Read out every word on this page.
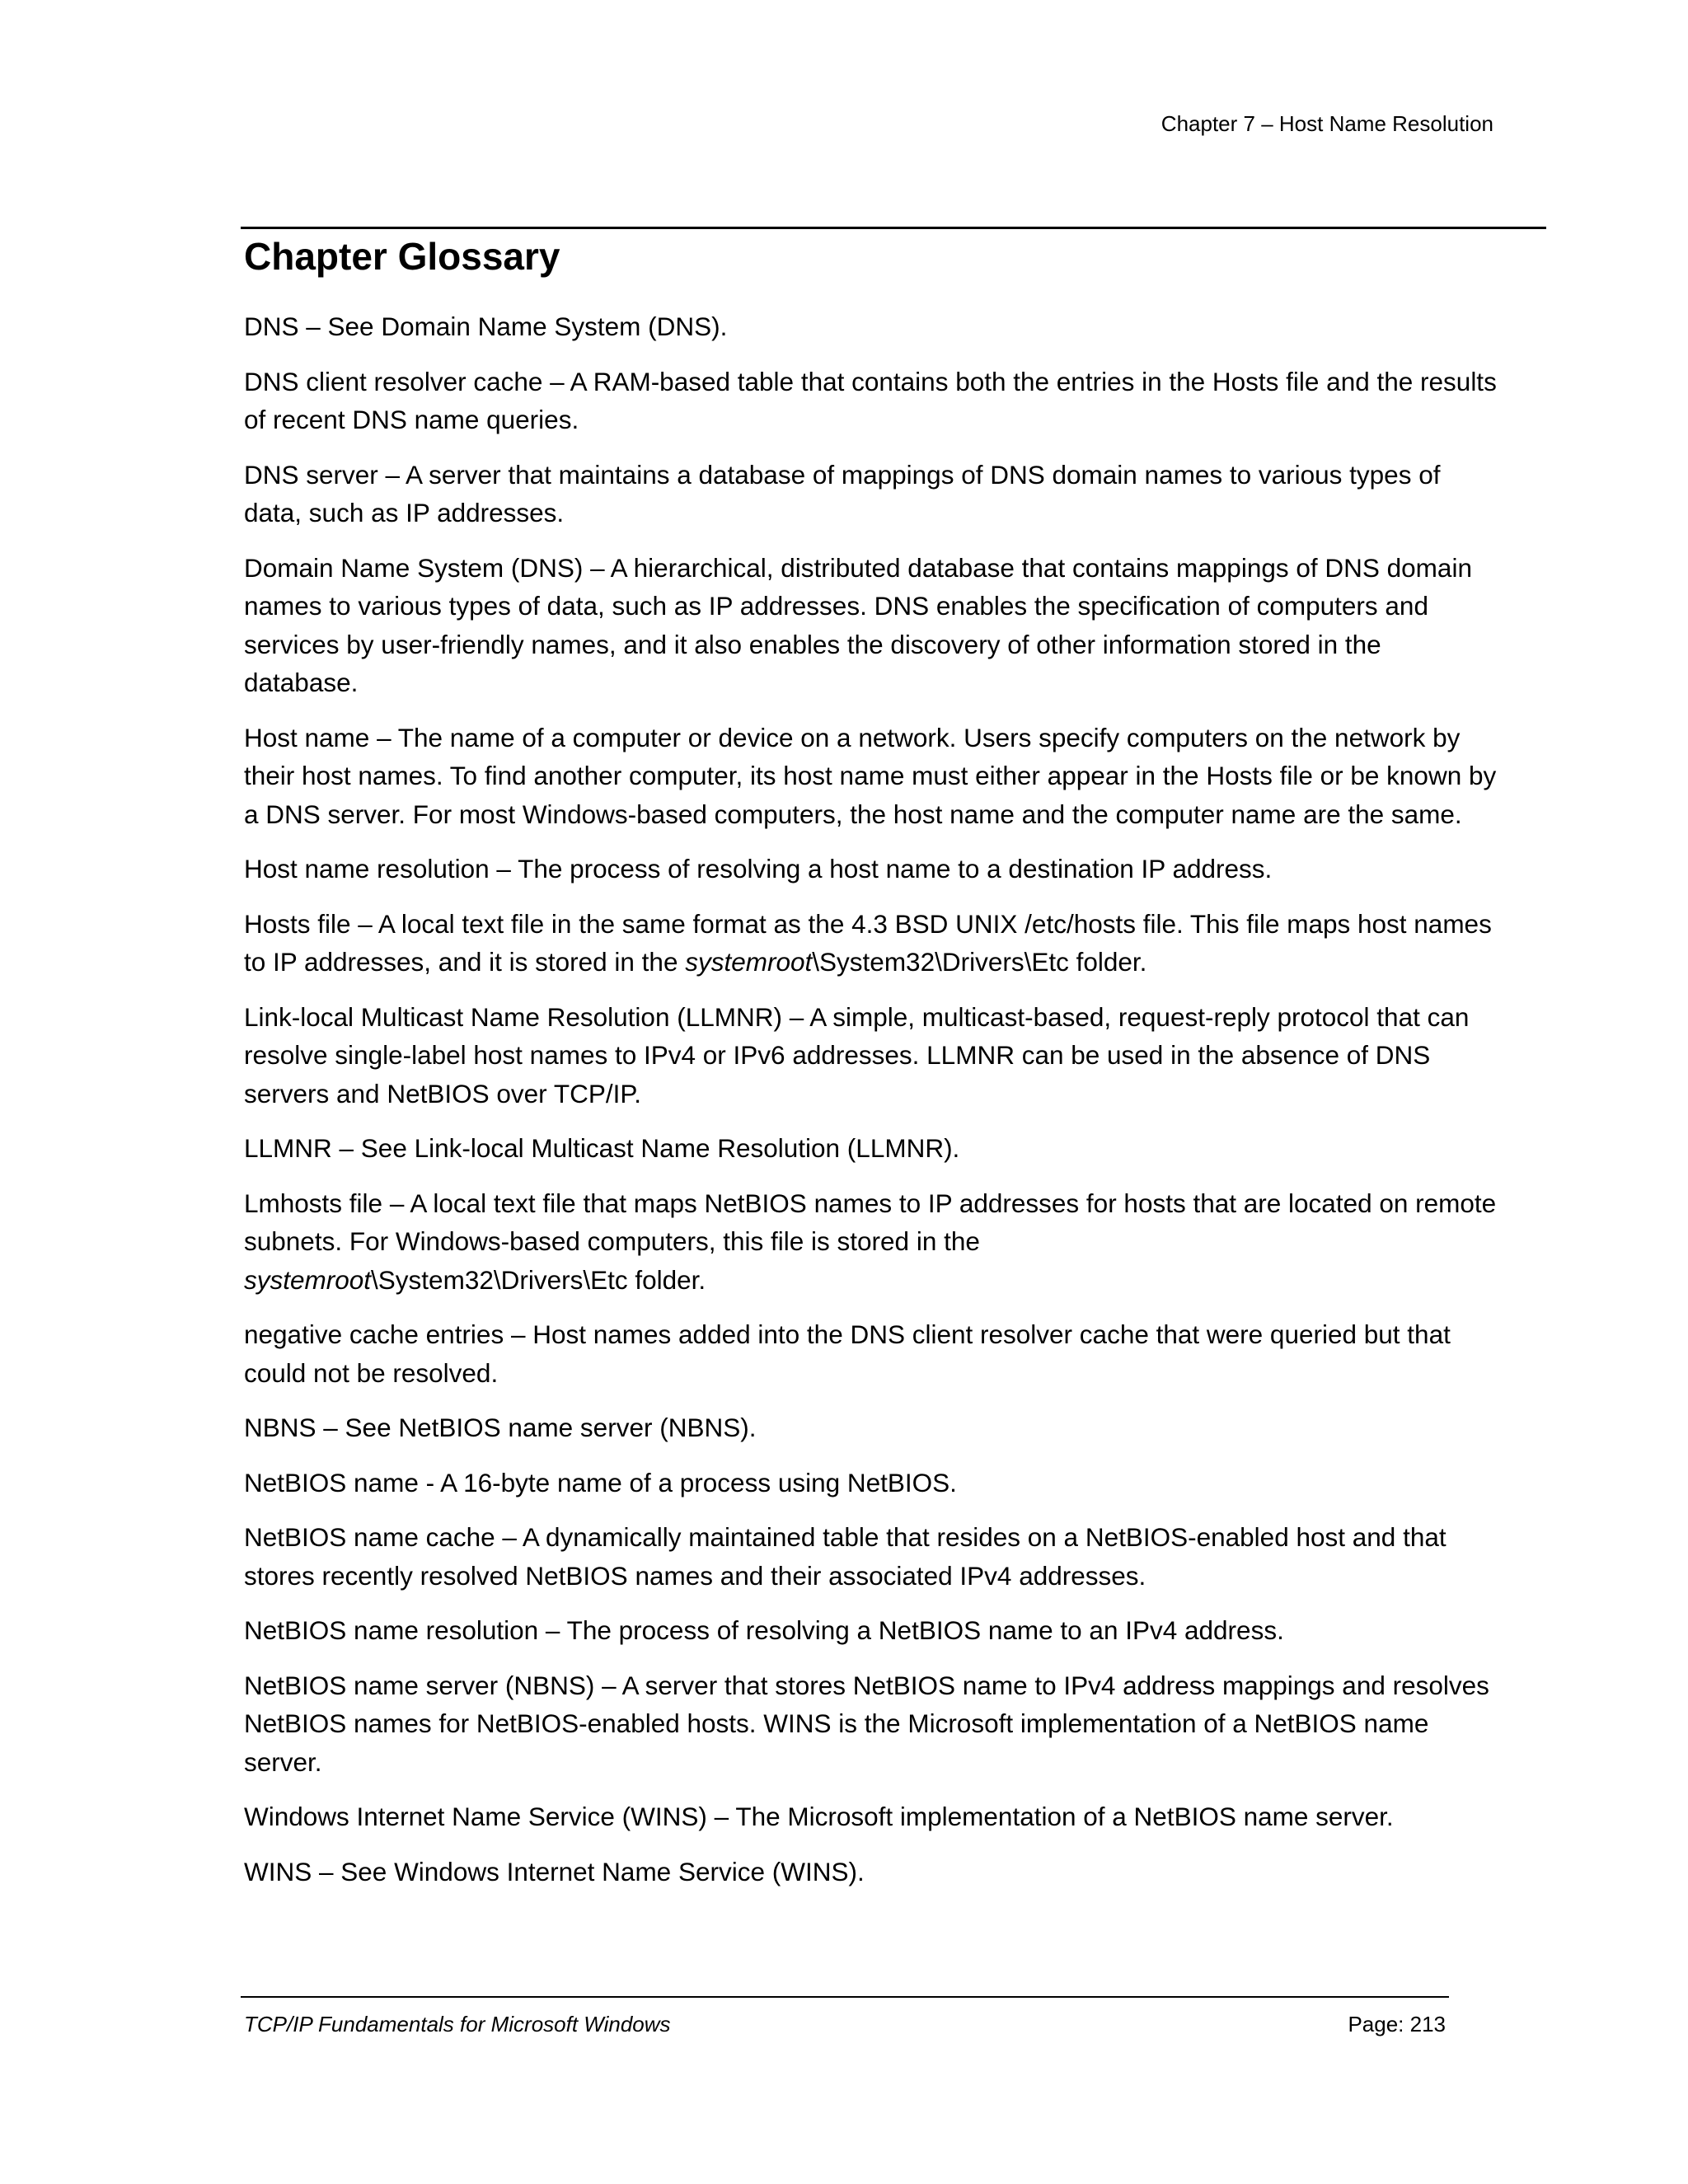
Chapter 7 – Host Name Resolution
Chapter Glossary

DNS – See Domain Name System (DNS).

DNS client resolver cache – A RAM-based table that contains both the entries in the Hosts file and the results of recent DNS name queries.

DNS server – A server that maintains a database of mappings of DNS domain names to various types of data, such as IP addresses.

Domain Name System (DNS) – A hierarchical, distributed database that contains mappings of DNS domain names to various types of data, such as IP addresses. DNS enables the specification of computers and services by user-friendly names, and it also enables the discovery of other information stored in the database.

Host name – The name of a computer or device on a network. Users specify computers on the network by their host names. To find another computer, its host name must either appear in the Hosts file or be known by a DNS server. For most Windows-based computers, the host name and the computer name are the same.

Host name resolution – The process of resolving a host name to a destination IP address.

Hosts file – A local text file in the same format as the 4.3 BSD UNIX /etc/hosts file. This file maps host names to IP addresses, and it is stored in the systemroot\System32\Drivers\Etc folder.

Link-local Multicast Name Resolution (LLMNR) – A simple, multicast-based, request-reply protocol that can resolve single-label host names to IPv4 or IPv6 addresses. LLMNR can be used in the absence of DNS servers and NetBIOS over TCP/IP.

LLMNR – See Link-local Multicast Name Resolution (LLMNR).

Lmhosts file – A local text file that maps NetBIOS names to IP addresses for hosts that are located on remote subnets. For Windows-based computers, this file is stored in the
systemroot\System32\Drivers\Etc folder.

negative cache entries – Host names added into the DNS client resolver cache that were queried but that could not be resolved.

NBNS – See NetBIOS name server (NBNS).

NetBIOS name - A 16-byte name of a process using NetBIOS.

NetBIOS name cache – A dynamically maintained table that resides on a NetBIOS-enabled host and that stores recently resolved NetBIOS names and their associated IPv4 addresses.

NetBIOS name resolution – The process of resolving a NetBIOS name to an IPv4 address.

NetBIOS name server (NBNS) – A server that stores NetBIOS name to IPv4 address mappings and resolves NetBIOS names for NetBIOS-enabled hosts. WINS is the Microsoft implementation of a NetBIOS name server.

Windows Internet Name Service (WINS) – The Microsoft implementation of a NetBIOS name server.

WINS – See Windows Internet Name Service (WINS).

TCP/IP Fundamentals for Microsoft Windows	Page: 213
